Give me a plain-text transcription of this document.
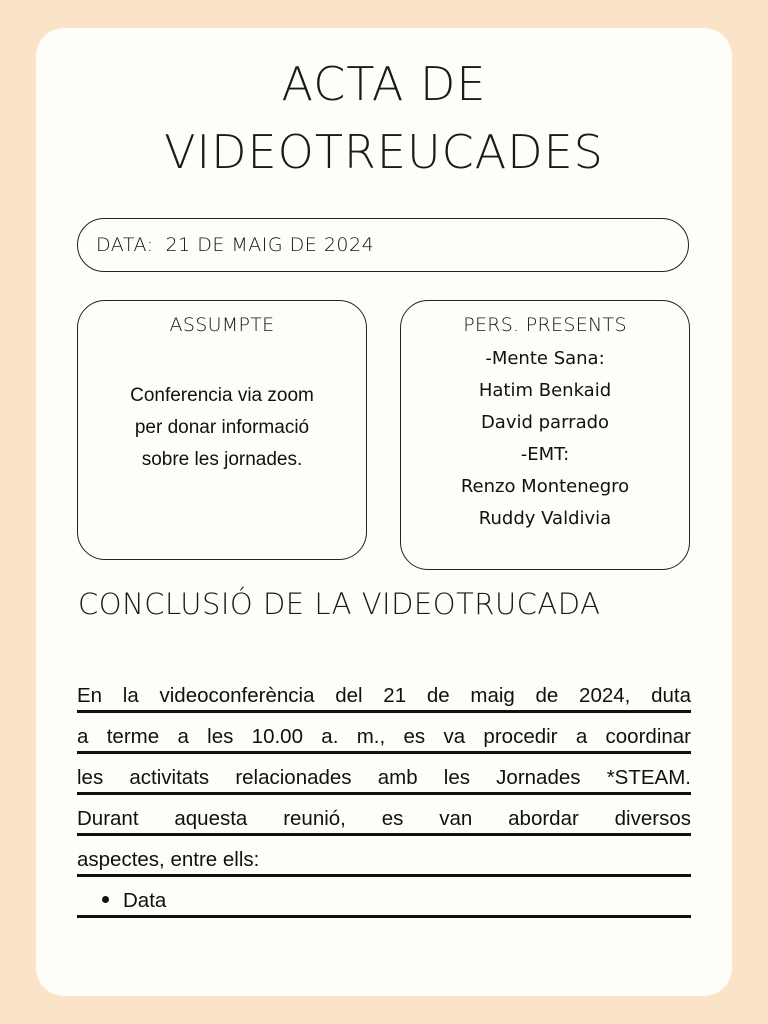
ACTA DE
VIDEOTREUCADES
DATA: 21 DE MAIG DE 2024
ASSUMPTE
Conferencia via zoom
per donar informació
sobre les jornades.
PERS. PRESENTS
-Mente Sana:
Hatim Benkaid
David parrado
-EMT:
Renzo Montenegro
Ruddy Valdivia
CONCLUSIÓ DE LA VIDEOTRUCADA
En la videoconferència del 21 de maig de 2024, duta
a terme a les 10.00 a. m., es va procedir a coordinar
les activitats relacionades amb les Jornades *STEAM.
Durant aquesta reunió, es van abordar diversos
aspectes, entre ells:
Data
